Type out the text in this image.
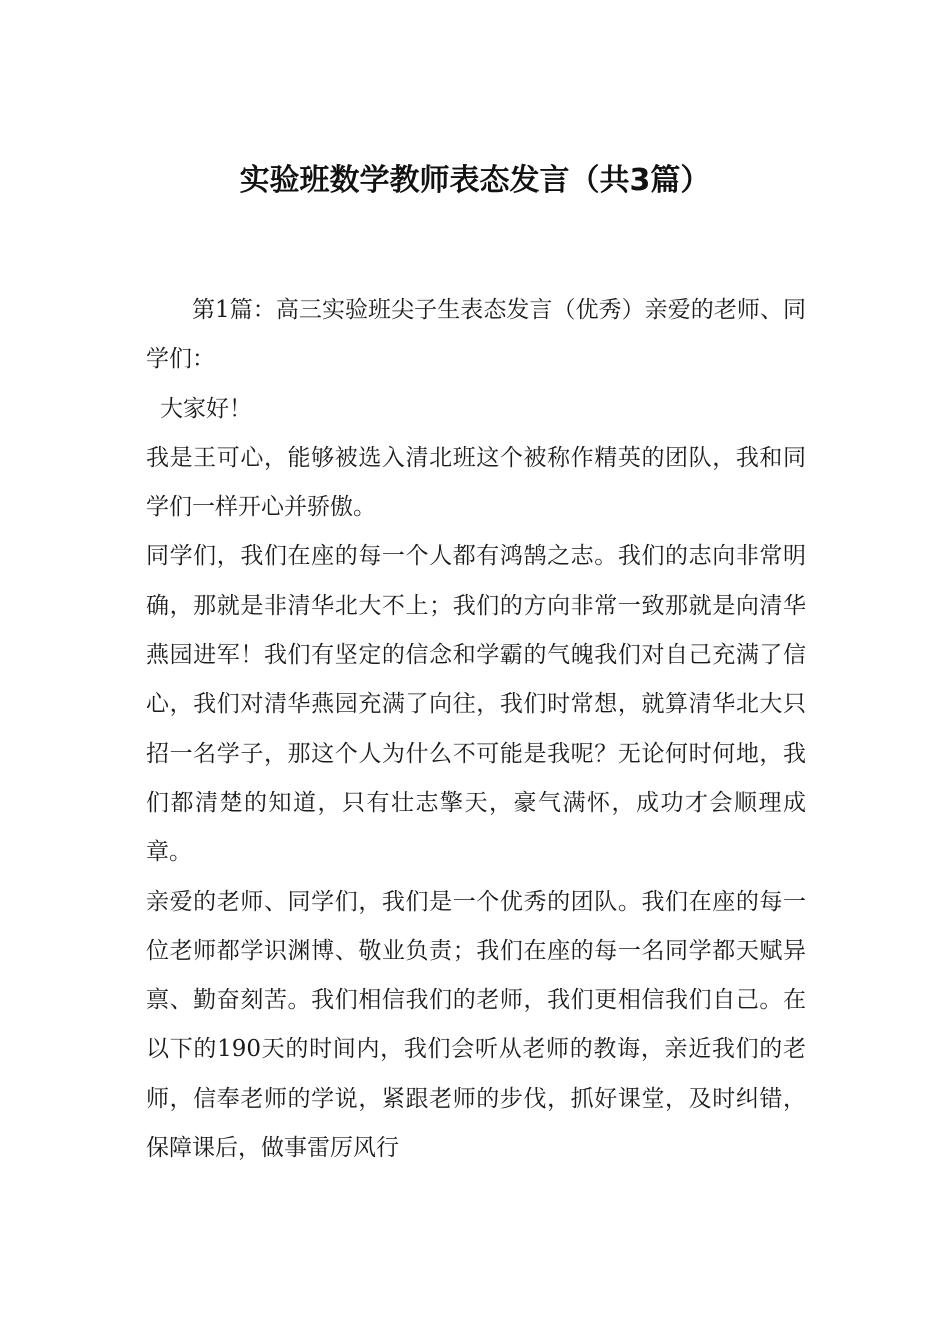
实验班数学教师表态发言（共3篇）

第1篇：高三实验班尖子生表态发言（优秀）亲爱的老师、同学们：

大家好！

我是王可心，能够被选入清北班这个被称作精英的团队，我和同学们一样开心并骄傲。

同学们，我们在座的每一个人都有鸿鹄之志。我们的志向非常明确，那就是非清华北大不上；我们的方向非常一致那就是向清华燕园进军！我们有坚定的信念和学霸的气魄我们对自己充满了信心，我们对清华燕园充满了向往，我们时常想，就算清华北大只招一名学子，那这个人为什么不可能是我呢？无论何时何地，我们都清楚的知道，只有壮志擎天，豪气满怀，成功才会顺理成章。

亲爱的老师、同学们，我们是一个优秀的团队。我们在座的每一位老师都学识渊博、敬业负责；我们在座的每一名同学都天赋异禀、勤奋刻苦。我们相信我们的老师，我们更相信我们自己。在以下的190天的时间内，我们会听从老师的教诲，亲近我们的老师，信奉老师的学说，紧跟老师的步伐，抓好课堂，及时纠错，保障课后，做事雷厉风行
